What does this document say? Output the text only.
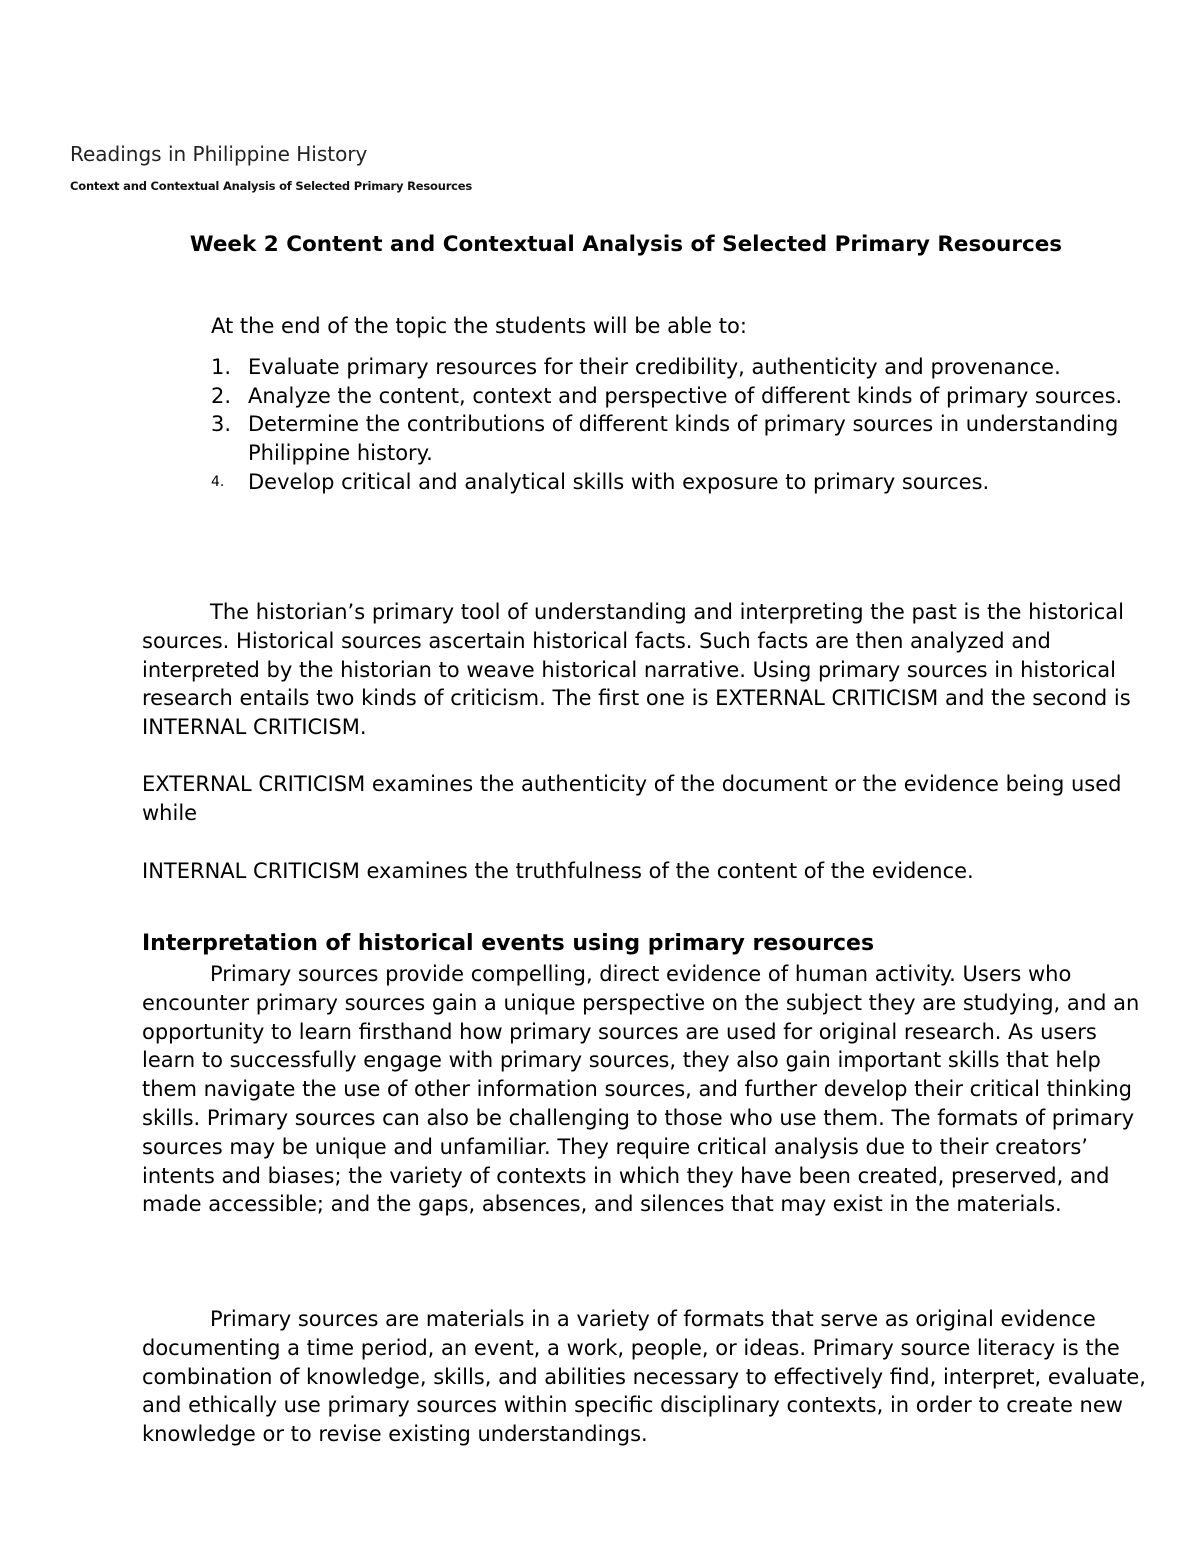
Readings in Philippine History

Context and Contextual Analysis of Selected Primary Resources

Week 2 Content and Contextual Analysis of Selected Primary Resources

At the end of the topic the students will be able to:

1. Evaluate primary resources for their credibility, authenticity and provenance.
2. Analyze the content, context and perspective of different kinds of primary sources.
3. Determine the contributions of different kinds of primary sources in understanding Philippine history.
4. Develop critical and analytical skills with exposure to primary sources.

The historian’s primary tool of understanding and interpreting the past is the historical sources. Historical sources ascertain historical facts. Such facts are then analyzed and interpreted by the historian to weave historical narrative. Using primary sources in historical research entails two kinds of criticism. The first one is EXTERNAL CRITICISM and the second is INTERNAL CRITICISM.

EXTERNAL CRITICISM examines the authenticity of the document or the evidence being used while

INTERNAL CRITICISM examines the truthfulness of the content of the evidence.

Interpretation of historical events using primary resources

Primary sources provide compelling, direct evidence of human activity. Users who encounter primary sources gain a unique perspective on the subject they are studying, and an opportunity to learn firsthand how primary sources are used for original research. As users learn to successfully engage with primary sources, they also gain important skills that help them navigate the use of other information sources, and further develop their critical thinking skills. Primary sources can also be challenging to those who use them. The formats of primary sources may be unique and unfamiliar. They require critical analysis due to their creators’ intents and biases; the variety of contexts in which they have been created, preserved, and made accessible; and the gaps, absences, and silences that may exist in the materials.

Primary sources are materials in a variety of formats that serve as original evidence documenting a time period, an event, a work, people, or ideas. Primary source literacy is the combination of knowledge, skills, and abilities necessary to effectively find, interpret, evaluate, and ethically use primary sources within specific disciplinary contexts, in order to create new knowledge or to revise existing understandings.
